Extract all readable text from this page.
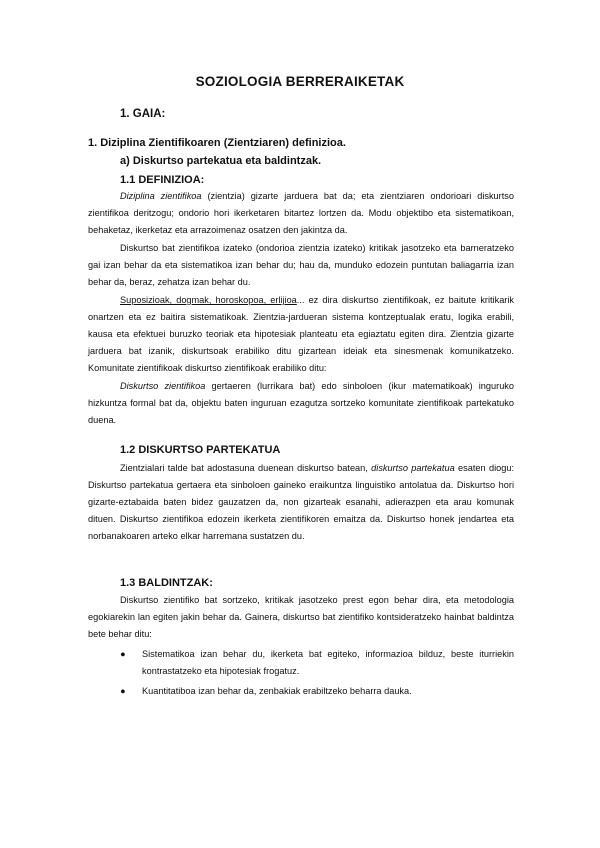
SOZIOLOGIA BERRERAIKETAK
1. GAIA:
1. Diziplina Zientifikoaren (Zientziaren) definizioa.
a) Diskurtso partekatua eta baldintzak.
1.1 DEFINIZIOA:

Diziplina zientifikoa (zientzia) gizarte jarduera bat da; eta zientziaren ondorioari diskurtso zientifikoa deritzogu; ondorio hori ikerketaren bitartez lortzen da. Modu objektibo eta sistematikoan, behaketaz, ikerketaz eta arrazoimenaz osatzen den jakintza da.

Diskurtso bat zientifikoa izateko (ondorioa zientzia izateko) kritikak jasotzeko eta barneratzeko gai izan behar da eta sistematikoa izan behar du; hau da, munduko edozein puntutan baliagarria izan behar da, beraz, zehatza izan behar du.

Suposizioak, dogmak, horoskopoa, erlijioa... ez dira diskurtso zientifikoak, ez baitute kritikarik onartzen eta ez baitira sistematikoak. Zientzia-jardueran sistema kontzeptualak eratu, logika erabili, kausa eta efektuei buruzko teoriak eta hipotesiak planteatu eta egiaztatu egiten dira. Zientzia gizarte jarduera bat izanik, diskurtsoak erabiliko ditu gizartean ideiak eta sinesmenak komunikatzeko. Komunitate zientifikoak diskurtso zientifikoak erabiliko ditu:

Diskurtso zientifikoa gertaeren (lurrikara bat) edo sinboloen (ikur matematikoak) inguruko hizkuntza formal bat da, objektu baten inguruan ezagutza sortzeko komunitate zientifikoak partekatuko duena.

1.2 DISKURTSO PARTEKATUA

Zientzialari talde bat adostasuna duenean diskurtso batean, diskurtso partekatua esaten diogu: Diskurtso partekatua gertaera eta sinboloen gaineko eraikuntza linguistiko antolatua da. Diskurtso hori gizarte-eztabaida baten bidez gauzatzen da, non gizarteak esanahi, adierazpen eta arau komunak dituen. Diskurtso zientifikoa edozein ikerketa zientifikoren emaitza da. Diskurtso honek jendartea eta norbanakoaren arteko elkar harremana sustatzen du.

1.3 BALDINTZAK:

Diskurtso zientifiko bat sortzeko, kritikak jasotzeko prest egon behar dira, eta metodologia egokiarekin lan egiten jakin behar da. Gainera, diskurtso bat zientifiko kontsideratzeko hainbat baldintza bete behar ditu:

● Sistematikoa izan behar du, ikerketa bat egiteko, informazioa bilduz, beste iturriekin kontrastatzeko eta hipotesiak frogatuz.
● Kuantitatiboa izan behar da, zenbakiak erabiltzeko beharra dauka.
